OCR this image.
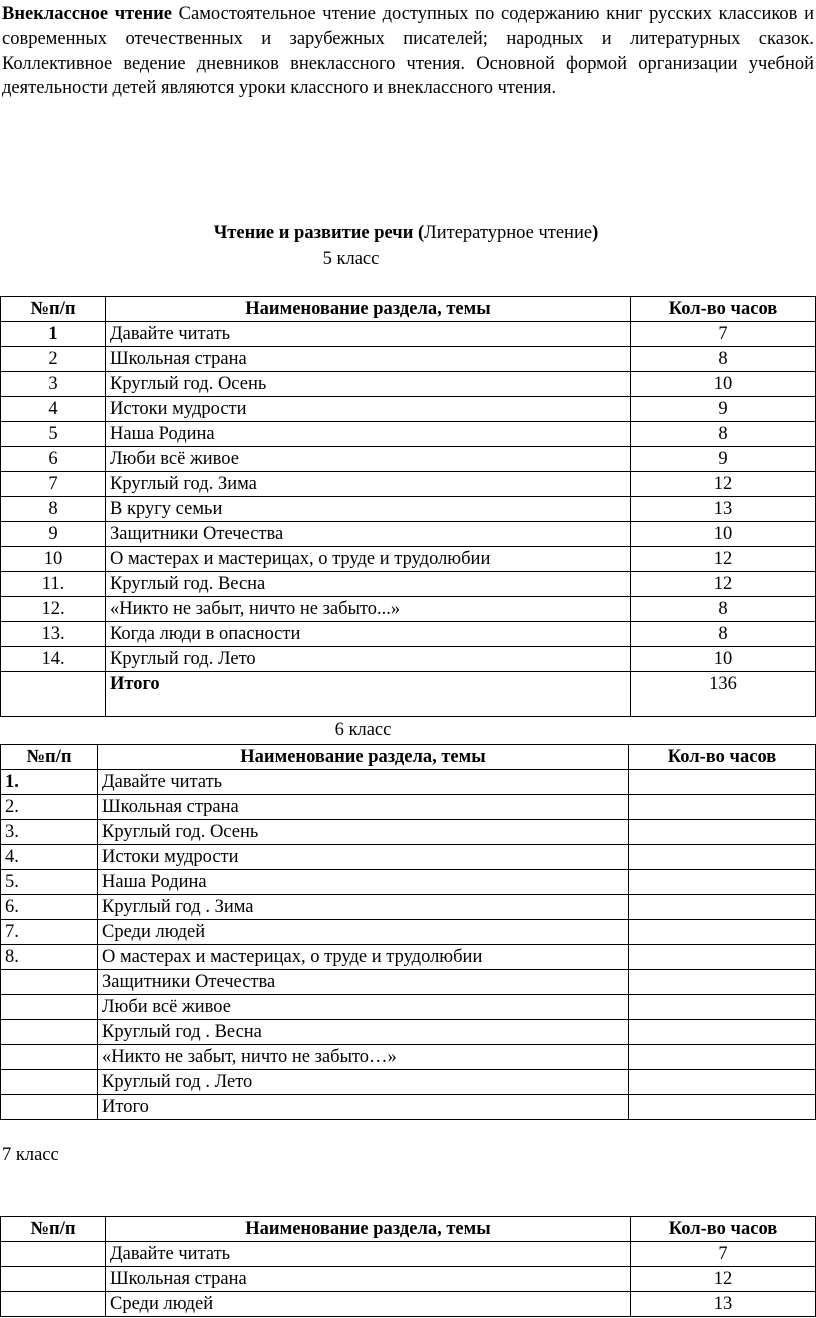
Внеклассное чтение Самостоятельное чтение доступных по содержанию книг русских классиков и современных отечественных и зарубежных писателей; народных и литературных сказок. Коллективное ведение дневников внеклассного чтения. Основной формой организации учебной деятельности детей являются уроки классного и внеклассного чтения.

Чтение и развитие речи (Литературное чтение)
5 класс
№п/п	Наименование раздела, темы	Кол-во часов
1	Давайте читать	7
2	Школьная страна	8
3	Круглый год. Осень	10
4	Истоки мудрости	9
5	Наша Родина	8
6	Люби всё живое	9
7	Круглый год. Зима	12
8	В кругу семьи	13
9	Защитники Отечества	10
10	О мастерах и мастерицах, о труде и трудолюбии	12
11.	Круглый год. Весна	12
12.	«Никто не забыт, ничто не забыто...»	8
13.	Когда люди в опасности	8
14.	Круглый год. Лето	10
	Итого	136
6 класс
№п/п	Наименование раздела, темы	Кол-во часов
1.	Давайте читать	
2.	Школьная страна	
3.	Круглый год. Осень	
4.	Истоки мудрости	
5.	Наша Родина	
6.	Круглый год . Зима	
7.	Среди людей	
8.	О мастерах и мастерицах, о труде и трудолюбии	
	Защитники Отечества	
	Люби всё живое	
	Круглый год . Весна	
	«Никто не забыт, ничто не забыто…»	
	Круглый год . Лето	
	Итого	
7 класс
№п/п	Наименование раздела, темы	Кол-во часов
	Давайте читать	7
	Школьная страна	12
	Среди людей	13
